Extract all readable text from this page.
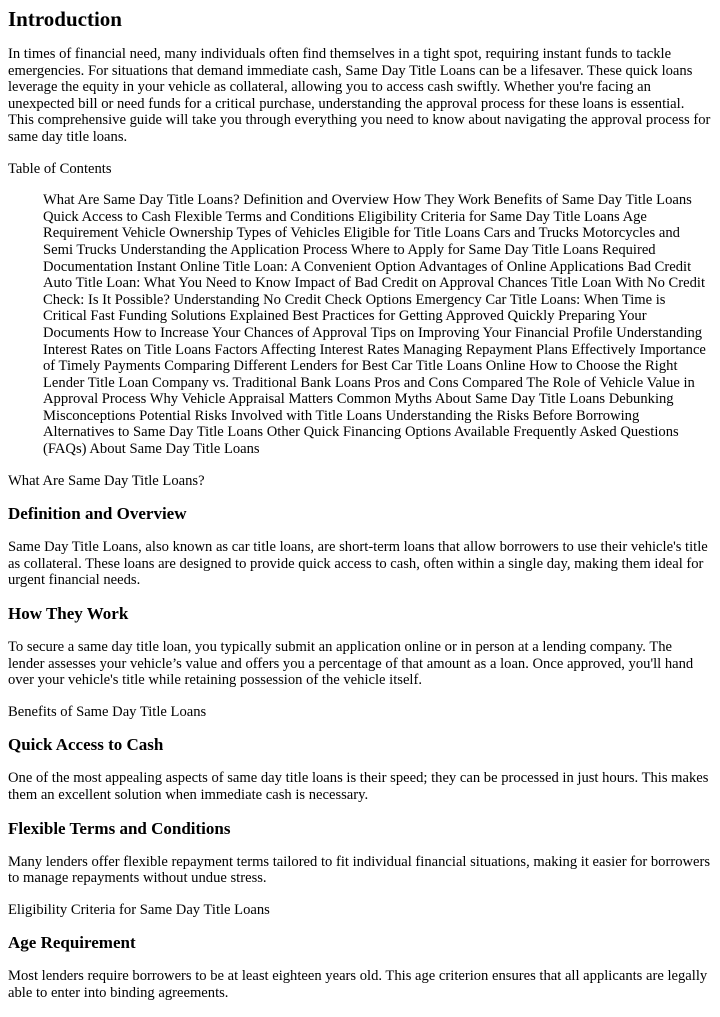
Introduction

In times of financial need, many individuals often find themselves in a tight spot, requiring instant funds to tackle emergencies. For situations that demand immediate cash, Same Day Title Loans can be a lifesaver. These quick loans leverage the equity in your vehicle as collateral, allowing you to access cash swiftly. Whether you're facing an unexpected bill or need funds for a critical purchase, understanding the approval process for these loans is essential. This comprehensive guide will take you through everything you need to know about navigating the approval process for same day title loans.

Table of Contents

What Are Same Day Title Loans? Definition and Overview How They Work Benefits of Same Day Title Loans Quick Access to Cash Flexible Terms and Conditions Eligibility Criteria for Same Day Title Loans Age Requirement Vehicle Ownership Types of Vehicles Eligible for Title Loans Cars and Trucks Motorcycles and Semi Trucks Understanding the Application Process Where to Apply for Same Day Title Loans Required Documentation Instant Online Title Loan: A Convenient Option Advantages of Online Applications Bad Credit Auto Title Loan: What You Need to Know Impact of Bad Credit on Approval Chances Title Loan With No Credit Check: Is It Possible? Understanding No Credit Check Options Emergency Car Title Loans: When Time is Critical Fast Funding Solutions Explained Best Practices for Getting Approved Quickly Preparing Your Documents How to Increase Your Chances of Approval Tips on Improving Your Financial Profile Understanding Interest Rates on Title Loans Factors Affecting Interest Rates Managing Repayment Plans Effectively Importance of Timely Payments Comparing Different Lenders for Best Car Title Loans Online How to Choose the Right Lender Title Loan Company vs. Traditional Bank Loans Pros and Cons Compared The Role of Vehicle Value in Approval Process Why Vehicle Appraisal Matters Common Myths About Same Day Title Loans Debunking Misconceptions Potential Risks Involved with Title Loans Understanding the Risks Before Borrowing Alternatives to Same Day Title Loans Other Quick Financing Options Available Frequently Asked Questions (FAQs) About Same Day Title Loans

What Are Same Day Title Loans?

Definition and Overview

Same Day Title Loans, also known as car title loans, are short-term loans that allow borrowers to use their vehicle's title as collateral. These loans are designed to provide quick access to cash, often within a single day, making them ideal for urgent financial needs.

How They Work

To secure a same day title loan, you typically submit an application online or in person at a lending company. The lender assesses your vehicle’s value and offers you a percentage of that amount as a loan. Once approved, you'll hand over your vehicle's title while retaining possession of the vehicle itself.

Benefits of Same Day Title Loans

Quick Access to Cash

One of the most appealing aspects of same day title loans is their speed; they can be processed in just hours. This makes them an excellent solution when immediate cash is necessary.

Flexible Terms and Conditions

Many lenders offer flexible repayment terms tailored to fit individual financial situations, making it easier for borrowers to manage repayments without undue stress.

Eligibility Criteria for Same Day Title Loans

Age Requirement

Most lenders require borrowers to be at least eighteen years old. This age criterion ensures that all applicants are legally able to enter into binding agreements.
